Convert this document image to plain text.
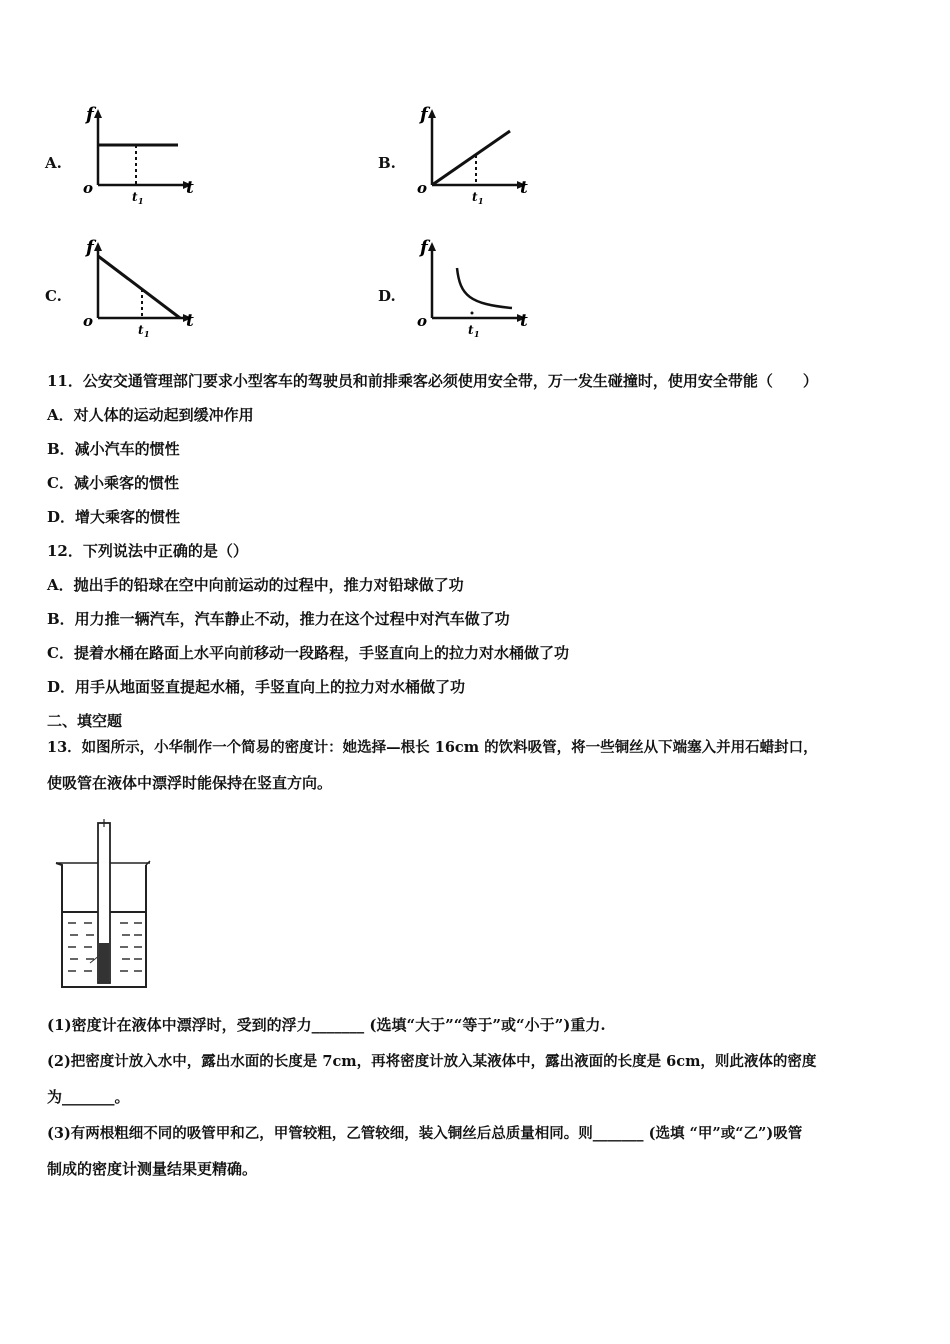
A.	B.
C.	D.
f
t
o	t 1
f
t
o	t 1
f
t
o	t 1
f
t
o	t 1
11．公安交通管理部门要求小型客车的驾驶员和前排乘客必须使用安全带，万一发生碰撞时，使用安全带能（　　）
A．对人体的运动起到缓冲作用
B．减小汽车的惯性
C．减小乘客的惯性
D．增大乘客的惯性
12．下列说法中正确的是（）
A．抛出手的铅球在空中向前运动的过程中，推力对铅球做了功
B．用力推一辆汽车，汽车静止不动，推力在这个过程中对汽车做了功
C．提着水桶在路面上水平向前移动一段路程，手竖直向上的拉力对水桶做了功
D．用手从地面竖直提起水桶，手竖直向上的拉力对水桶做了功
二、填空题
13．如图所示，小华制作一个简易的密度计：她选择—根长 16cm 的饮料吸管，将一些铜丝从下端塞入并用石蜡封口，
使吸管在液体中漂浮时能保持在竖直方向。
(1)密度计在液体中漂浮时，受到的浮力_______ (选填“大于”“等于”或“小于”)重力.
(2)把密度计放入水中，露出水面的长度是 7cm，再将密度计放入某液体中，露出液面的长度是 6cm，则此液体的密度
为_______。
(3)有两根粗细不同的吸管甲和乙，甲管较粗，乙管较细，装入铜丝后总质量相同。则_______ (选填 “甲”或“乙”)吸管
制成的密度计测量结果更精确。
